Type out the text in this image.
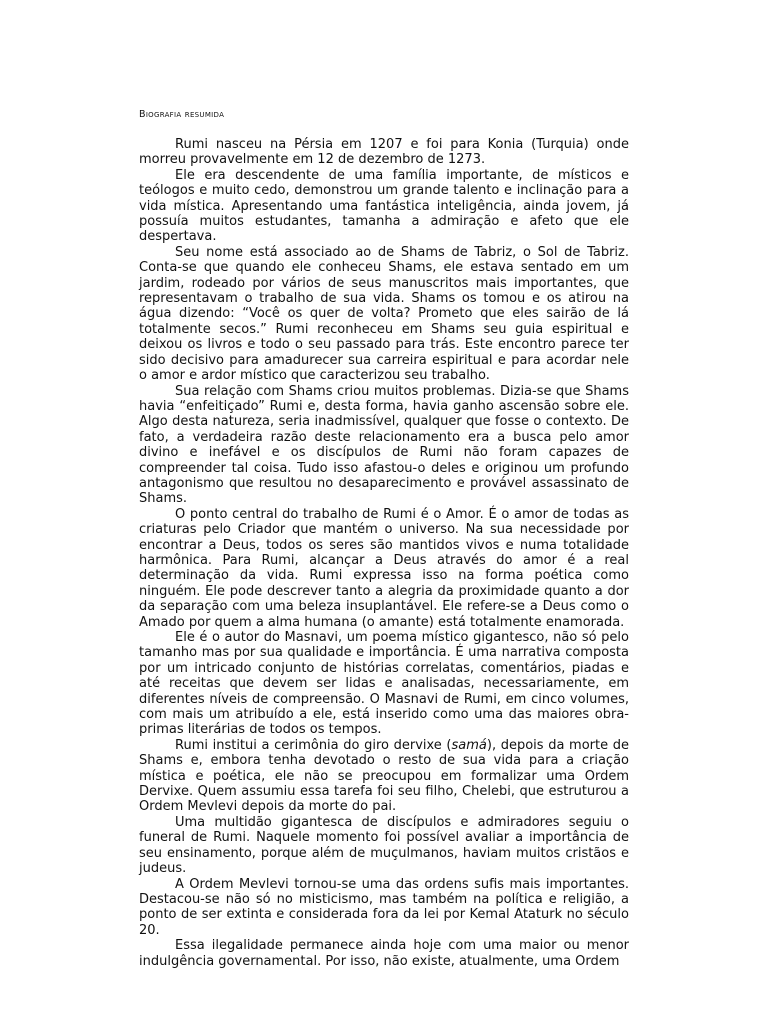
Biografia resumida

Rumi nasceu na Pérsia em 1207 e foi para Konia (Turquia) onde morreu provavelmente em 12 de dezembro de 1273.

Ele era descendente de uma família importante, de místicos e teólogos e muito cedo, demonstrou um grande talento e inclinação para a vida mística. Apresentando uma fantástica inteligência, ainda jovem, já possuía muitos estudantes, tamanha a admiração e afeto que ele despertava.

Seu nome está associado ao de Shams de Tabriz, o Sol de Tabriz. Conta-se que quando ele conheceu Shams, ele estava sentado em um jardim, rodeado por vários de seus manuscritos mais importantes, que representavam o trabalho de sua vida. Shams os tomou e os atirou na água dizendo: “Você os quer de volta? Prometo que eles sairão de lá totalmente secos.” Rumi reconheceu em Shams seu guia espiritual e deixou os livros e todo o seu passado para trás. Este encontro parece ter sido decisivo para amadurecer sua carreira espiritual e para acordar nele o amor e ardor místico que caracterizou seu trabalho.

Sua relação com Shams criou muitos problemas. Dizia-se que Shams havia “enfeitiçado” Rumi e, desta forma, havia ganho ascensão sobre ele. Algo desta natureza, seria inadmissível, qualquer que fosse o contexto. De fato, a verdadeira razão deste relacionamento era a busca pelo amor divino e inefável e os discípulos de Rumi não foram capazes de compreender tal coisa. Tudo isso afastou-o deles e originou um profundo antagonismo que resultou no desaparecimento e provável assassinato de Shams.

O ponto central do trabalho de Rumi é o Amor. É o amor de todas as criaturas pelo Criador que mantém o universo. Na sua necessidade por encontrar a Deus, todos os seres são mantidos vivos e numa totalidade harmônica. Para Rumi, alcançar a Deus através do amor é a real determinação da vida. Rumi expressa isso na forma poética como ninguém. Ele pode descrever tanto a alegria da proximidade quanto a dor da separação com uma beleza insuplantável. Ele refere-se a Deus como o Amado por quem a alma humana (o amante) está totalmente enamorada.

Ele é o autor do Masnavi, um poema místico gigantesco, não só pelo tamanho mas por sua qualidade e importância. É uma narrativa composta por um intricado conjunto de histórias correlatas, comentários, piadas e até receitas que devem ser lidas e analisadas, necessariamente, em diferentes níveis de compreensão. O Masnavi de Rumi, em cinco volumes, com mais um atribuído a ele, está inserido como uma das maiores obra-primas literárias de todos os tempos.

Rumi institui a cerimônia do giro dervixe (samá), depois da morte de Shams e, embora tenha devotado o resto de sua vida para a criação mística e poética, ele não se preocupou em formalizar uma Ordem Dervixe. Quem assumiu essa tarefa foi seu filho, Chelebi, que estruturou a Ordem Mevlevi depois da morte do pai.

Uma multidão gigantesca de discípulos e admiradores seguiu o funeral de Rumi. Naquele momento foi possível avaliar a importância de seu ensinamento, porque além de muçulmanos, haviam muitos cristãos e judeus.

A Ordem Mevlevi tornou-se uma das ordens sufis mais importantes. Destacou-se não só no misticismo, mas também na política e religião, a ponto de ser extinta e considerada fora da lei por Kemal Ataturk no século 20.

Essa ilegalidade permanece ainda hoje com uma maior ou menor indulgência governamental. Por isso, não existe, atualmente, uma Ordem
